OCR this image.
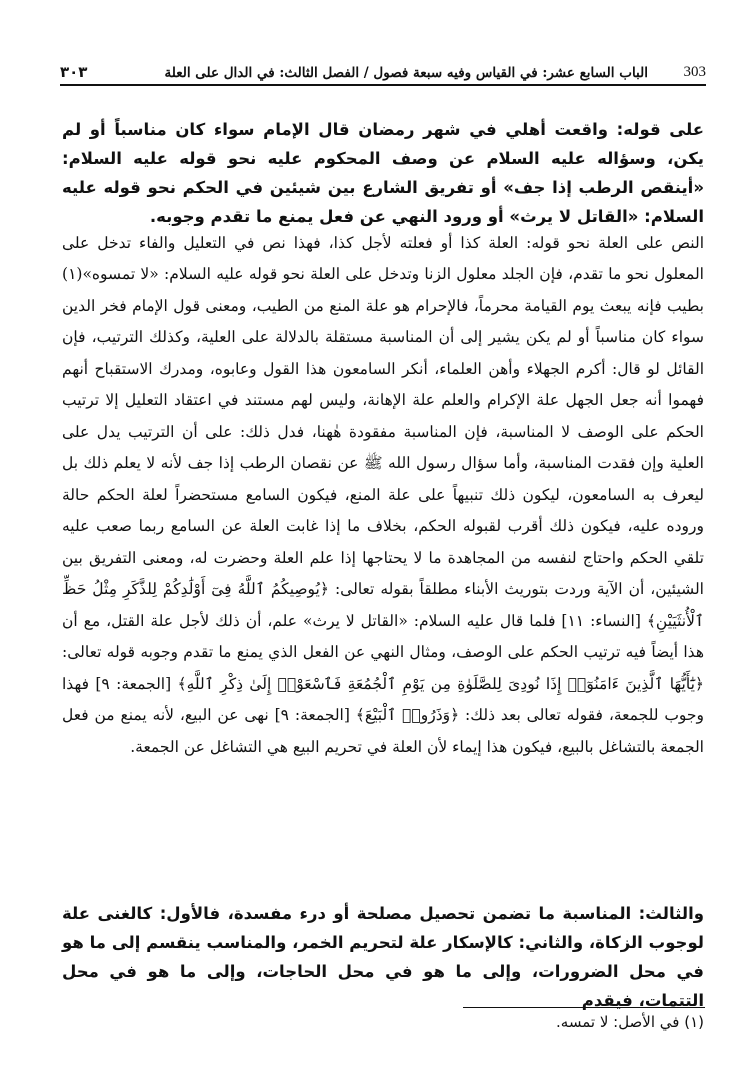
٣٠٣	الباب السابع عشر: في القياس وفيه سبعة فصول / الفصل الثالث: في الدال على العلة 303

على قوله: واقعت أهلي في شهر رمضان قال الإمام سواء كان مناسباً أو لم يكن، وسؤاله عليه السلام عن وصف المحكوم عليه نحو قوله عليه السلام: «أينقص الرطب إذا جف» أو تفريق الشارع بين شيئين في الحكم نحو قوله عليه السلام: «القاتل لا يرث» أو ورود النهي عن فعل يمنع ما تقدم وجوبه.

النص على العلة نحو قوله: العلة كذا أو فعلته لأجل كذا، فهذا نص في التعليل والفاء تدخل على المعلول نحو ما تقدم، فإن الجلد معلول الزنا وتدخل على العلة نحو قوله عليه السلام: «لا تمسوه»(١) بطيب فإنه يبعث يوم القيامة محرماً، فالإحرام هو علة المنع من الطيب، ومعنى قول الإمام فخر الدين سواء كان مناسباً أو لم يكن يشير إلى أن المناسبة مستقلة بالدلالة على العلية، وكذلك الترتيب، فإن القائل لو قال: أكرم الجهلاء وأهن العلماء، أنكر السامعون هذا القول وعابوه، ومدرك الاستقباح أنهم فهموا أنه جعل الجهل علة الإكرام والعلم علة الإهانة، وليس لهم مستند في اعتقاد التعليل إلا ترتيب الحكم على الوصف لا المناسبة، فإن المناسبة مفقودة هٰهنا، فدل ذلك: على أن الترتيب يدل على العلية وإن فقدت المناسبة، وأما سؤال رسول الله ﷺ عن نقصان الرطب إذا جف لأنه لا يعلم ذلك بل ليعرف به السامعون، ليكون ذلك تنبيهاً على علة المنع، فيكون السامع مستحضراً لعلة الحكم حالة وروده عليه، فيكون ذلك أقرب لقبوله الحكم، بخلاف ما إذا غابت العلة عن السامع ربما صعب عليه تلقي الحكم واحتاج لنفسه من المجاهدة ما لا يحتاجها إذا علم العلة وحضرت له، ومعنى التفريق بين الشيئين، أن الآية وردت بتوريث الأبناء مطلقاً بقوله تعالى: ﴿يُوصِيكُمُ ٱللَّهُ فِىٓ أَوْلَٰدِكُمْ لِلذَّكَرِ مِثْلُ حَظِّ ٱلْأُنثَيَيْنِ﴾ [النساء: ١١] فلما قال عليه السلام: «القاتل لا يرث» علم، أن ذلك لأجل علة القتل، مع أن هذا أيضاً فيه ترتيب الحكم على الوصف، ومثال النهي عن الفعل الذي يمنع ما تقدم وجوبه قوله تعالى: ﴿يَٰٓأَيُّهَا ٱلَّذِينَ ءَامَنُوٓا۟ إِذَا نُودِىَ لِلصَّلَوٰةِ مِن يَوْمِ ٱلْجُمُعَةِ فَٱسْعَوْا۟ إِلَىٰ ذِكْرِ ٱللَّهِ﴾ [الجمعة: ٩] فهذا وجوب للجمعة، فقوله تعالى بعد ذلك: ﴿وَذَرُوا۟ ٱلْبَيْعَ﴾ [الجمعة: ٩] نهى عن البيع، لأنه يمنع من فعل الجمعة بالتشاغل بالبيع، فيكون هذا إيماء لأن العلة في تحريم البيع هي التشاغل عن الجمعة.

والثالث: المناسبة ما تضمن تحصيل مصلحة أو درء مفسدة، فالأول: كالغنى علة لوجوب الزكاة، والثاني: كالإسكار علة لتحريم الخمر، والمناسب ينقسم إلى ما هو في محل الضرورات، وإلى ما هو في محل الحاجات، وإلى ما هو في محل التتمات، فيقدم

(١) في الأصل: لا تمسه.
